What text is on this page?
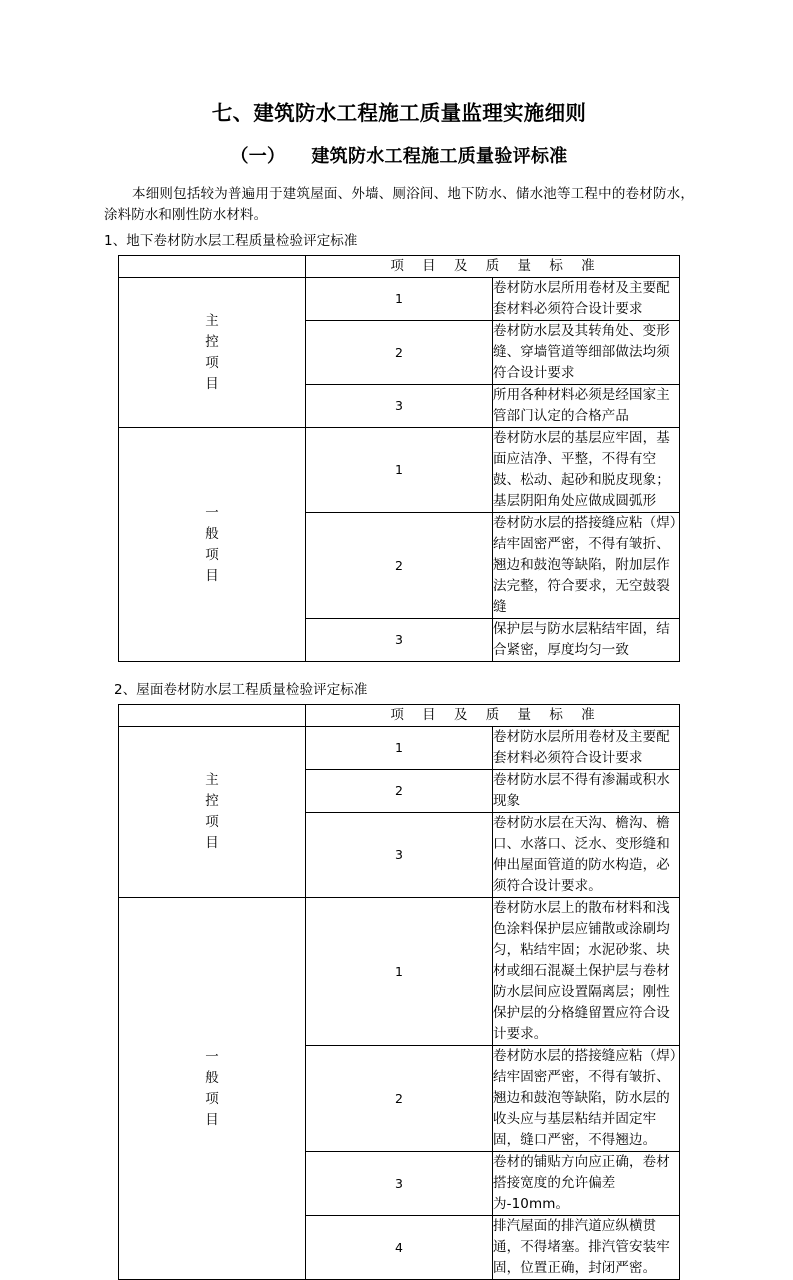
七、建筑防水工程施工质量监理实施细则
（一） 建筑防水工程施工质量验评标准

本细则包括较为普遍用于建筑屋面、外墙、厕浴间、地下防水、储水池等工程中的卷材防水，涂料防水和刚性防水材料。

1、地下卷材防水层工程质量检验评定标准
	项 目 及 质 量 标 准	
主控项目	1	卷材防水层所用卷材及主要配套材料必须符合设计要求
	2	卷材防水层及其转角处、变形缝、穿墙管道等细部做法均须符合设计要求
	3	所用各种材料必须是经国家主管部门认定的合格产品
一般项目	1	卷材防水层的基层应牢固，基面应洁净、平整，不得有空鼓、松动、起砂和脱皮现象；基层阴阳角处应做成圆弧形
	2	卷材防水层的搭接缝应粘（焊）结牢固密严密，不得有皱折、翘边和鼓泡等缺陷，附加层作法完整，符合要求，无空鼓裂缝
	3	保护层与防水层粘结牢固，结合紧密，厚度均匀一致
2、屋面卷材防水层工程质量检验评定标准
	项 目 及 质 量 标 准	
主控项目	1	卷材防水层所用卷材及主要配套材料必须符合设计要求
	2	卷材防水层不得有渗漏或积水现象
	3	卷材防水层在天沟、檐沟、檐口、水落口、泛水、变形缝和伸出屋面管道的防水构造，必须符合设计要求。
一般项目	1	卷材防水层上的散布材料和浅色涂料保护层应铺散或涂刷均匀，粘结牢固；水泥砂浆、块材或细石混凝土保护层与卷材防水层间应设置隔离层；刚性保护层的分格缝留置应符合设计要求。
	2	卷材防水层的搭接缝应粘（焊）结牢固密严密，不得有皱折、翘边和鼓泡等缺陷，防水层的收头应与基层粘结并固定牢固，缝口严密，不得翘边。
	3	卷材的铺贴方向应正确，卷材搭接宽度的允许偏差为-10mm。
	4	排汽屋面的排汽道应纵横贯通，不得堵塞。排汽管安装牢固，位置正确，封闭严密。
